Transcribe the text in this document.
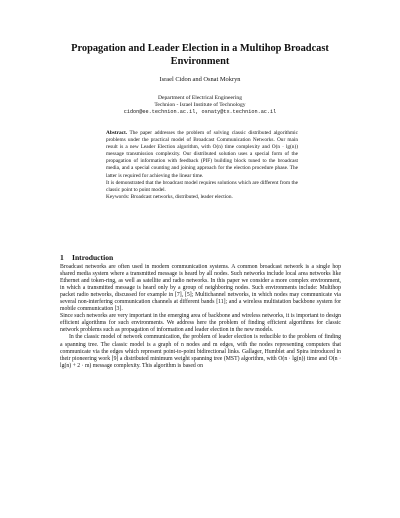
Propagation and Leader Election in a Multihop Broadcast Environment
Israel Cidon and Osnat Mokryn
Department of Electrical Engineering
Technion - Israel Institute of Technology
cidon@ee.technion.ac.il, osnaty@tx.technion.ac.il

Abstract. The paper addresses the problem of solving classic distributed algorithmic problems under the practical model of Broadcast Communication Networks. Our main result is a new Leader Election algorithm, with O(n) time complexity and O(n · lg(n)) message transmission complexity. Our distributed solution uses a special form of the propagation of information with feedback (PIF) building block tuned to the broadcast media, and a special counting and joining approach for the election procedure phase. The latter is required for achieving the linear time.

It is demonstrated that the broadcast model requires solutions which are different from the classic point to point model.

Keywords: Broadcast networks, distributed, leader election.

1 Introduction

Broadcast networks are often used in modern communication systems. A common broadcast network is a single hop shared media system where a transmitted message is heard by all nodes. Such networks include local area networks like Ethernet and token-ring, as well as satellite and radio networks. In this paper we consider a more complex environment, in which a transmitted message is heard only by a group of neighboring nodes. Such environments include: Multihop packet radio networks, discussed for example in [7], [5]; Multichannel networks, in which nodes may communicate via several non-interfering communication channels at different bands [11]; and a wireless multistation backbone system for mobile communication [3].

Since such networks are very important in the emerging area of backbone and wireless networks, it is important to design efficient algorithms for such environments. We address here the problem of finding efficient algorithms for classic network problems such as propagation of information and leader election in the new models.

In the classic model of network communication, the problem of leader election is reducible to the problem of finding a spanning tree. The classic model is a graph of n nodes and m edges, with the nodes representing computers that communicate via the edges which represent point-to-point bidirectional links. Gallager, Humblet and Spira introduced in their pioneering work [9] a distributed minimum weight spanning tree (MST) algorithm, with O(n · lg(n)) time and O(n · lg(n) + 2 · m) message complexity. This algorithm is based on
